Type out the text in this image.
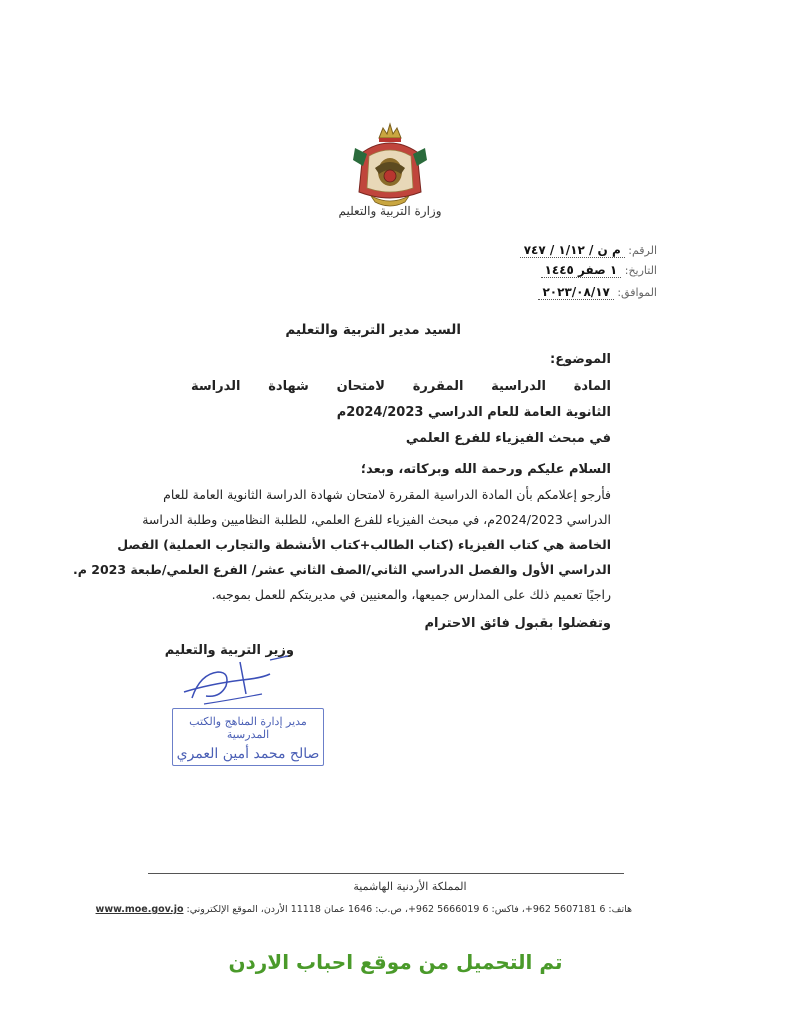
وزارة التربية والتعليم
الرقم: م ن / ١/١٢ / ٧٤٧
التاريخ: ١ صفر ١٤٤٥
الموافق: ٢٠٢٣/٠٨/١٧
السيد مدير التربية والتعليم
الموضوع:
المادة الدراسية المقررة لامتحان شهادة الدراسة
الثانوية العامة للعام الدراسي 2024/2023م
في مبحث الفيزياء للفرع العلمي
السلام عليكم ورحمة الله وبركاته، وبعد؛
فأرجو إعلامكم بأن المادة الدراسية المقررة لامتحان شهادة الدراسة الثانوية العامة للعام
الدراسي 2024/2023م، في مبحث الفيزياء للفرع العلمي، للطلبة النظاميين وطلبة الدراسة
الخاصة هي كتاب الفيزياء (كتاب الطالب+كتاب الأنشطة والتجارب العملية) الفصل
الدراسي الأول والفصل الدراسي الثاني/الصف الثاني عشر/ الفرع العلمي/طبعة 2023 م.
راجيًا تعميم ذلك على المدارس جميعها، والمعنيين في مديريتكم للعمل بموجبه.
وتفضلوا بقبول فائق الاحترام
وزير التربية والتعليم
مدير إدارة المناهج والكتب المدرسية
صالح محمد أمين العمري
المملكة الأردنية الهاشمية
هاتف: 6 5607181 962+، فاكس: 6 5666019 962+، ص.ب: 1646 عمان 11118 الأردن، الموقع الإلكتروني: www.moe.gov.jo
تم التحميل من موقع احباب الاردن
